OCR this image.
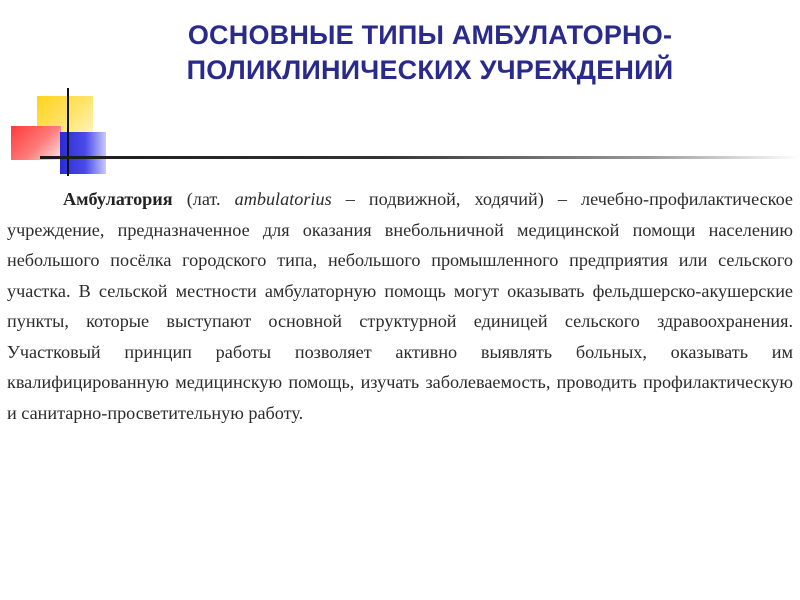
ОСНОВНЫЕ ТИПЫ АМБУЛАТОРНО-
ПОЛИКЛИНИЧЕСКИХ УЧРЕЖДЕНИЙ

Амбулатория (лат. ambulatorius – подвижной, ходячий) – лечебно-профилактическое учреждение, предназначенное для оказания внебольничной медицинской помощи населению небольшого посёлка городского типа, небольшого промышленного предприятия или сельского участка. В сельской местности амбулаторную помощь могут оказывать фельдшерско-акушерские пункты, которые выступают основной структурной единицей сельского здравоохранения. Участковый принцип работы позволяет активно выявлять больных, оказывать им квалифицированную медицинскую помощь, изучать заболеваемость, проводить профилактическую и санитарно-просветительную работу.
